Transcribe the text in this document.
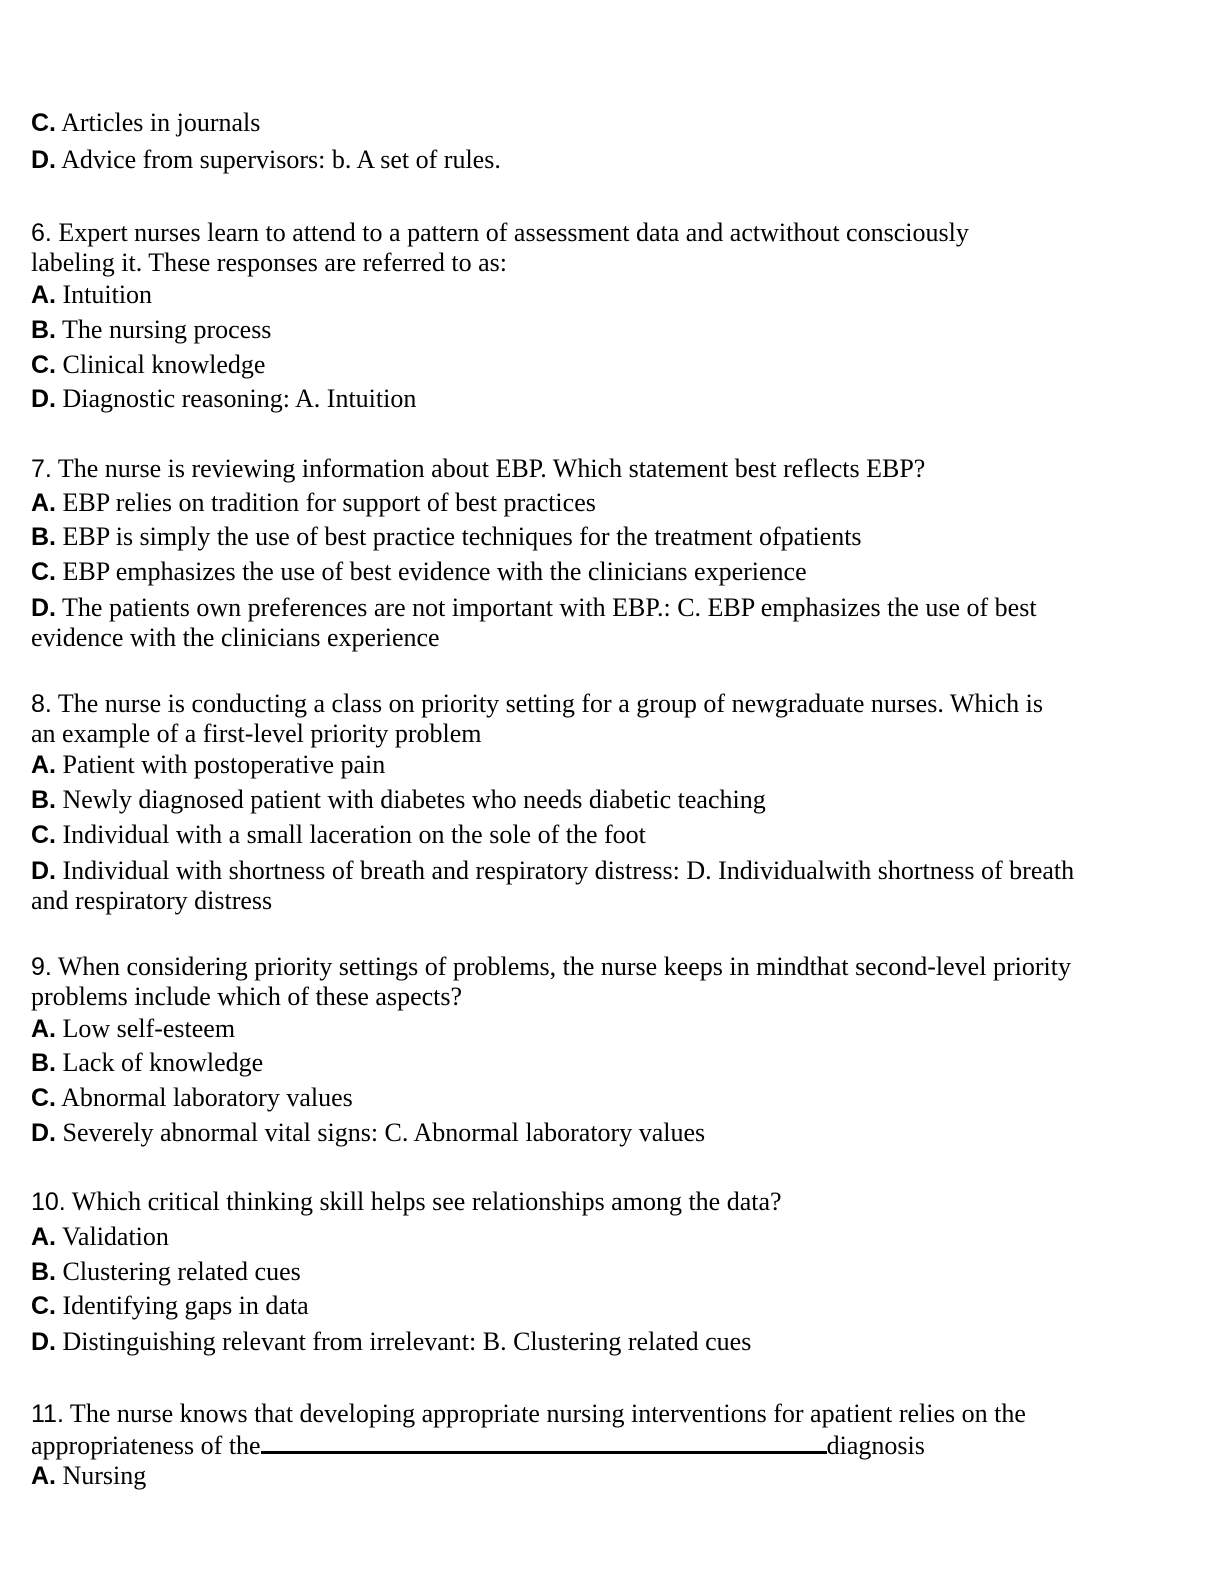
C. Articles in journals
D. Advice from supervisors: b. A set of rules.
6. Expert nurses learn to attend to a pattern of assessment data and actwithout consciously
labeling it. These responses are referred to as:
A. Intuition
B. The nursing process
C. Clinical knowledge
D. Diagnostic reasoning: A. Intuition
7. The nurse is reviewing information about EBP. Which statement best reflects EBP?
A. EBP relies on tradition for support of best practices
B. EBP is simply the use of best practice techniques for the treatment ofpatients
C. EBP emphasizes the use of best evidence with the clinicians experience
D. The patients own preferences are not important with EBP.: C. EBP emphasizes the use of best
evidence with the clinicians experience
8. The nurse is conducting a class on priority setting for a group of newgraduate nurses. Which is
an example of a first-level priority problem
A. Patient with postoperative pain
B. Newly diagnosed patient with diabetes who needs diabetic teaching
C. Individual with a small laceration on the sole of the foot
D. Individual with shortness of breath and respiratory distress: D. Individualwith shortness of breath
and respiratory distress
9. When considering priority settings of problems, the nurse keeps in mindthat second-level priority
problems include which of these aspects?
A. Low self-esteem
B. Lack of knowledge
C. Abnormal laboratory values
D. Severely abnormal vital signs: C. Abnormal laboratory values
10. Which critical thinking skill helps see relationships among the data?
A. Validation
B. Clustering related cues
C. Identifying gaps in data
D. Distinguishing relevant from irrelevant: B. Clustering related cues
11. The nurse knows that developing appropriate nursing interventions for apatient relies on the
appropriateness of the	diagnosis
A. Nursing
